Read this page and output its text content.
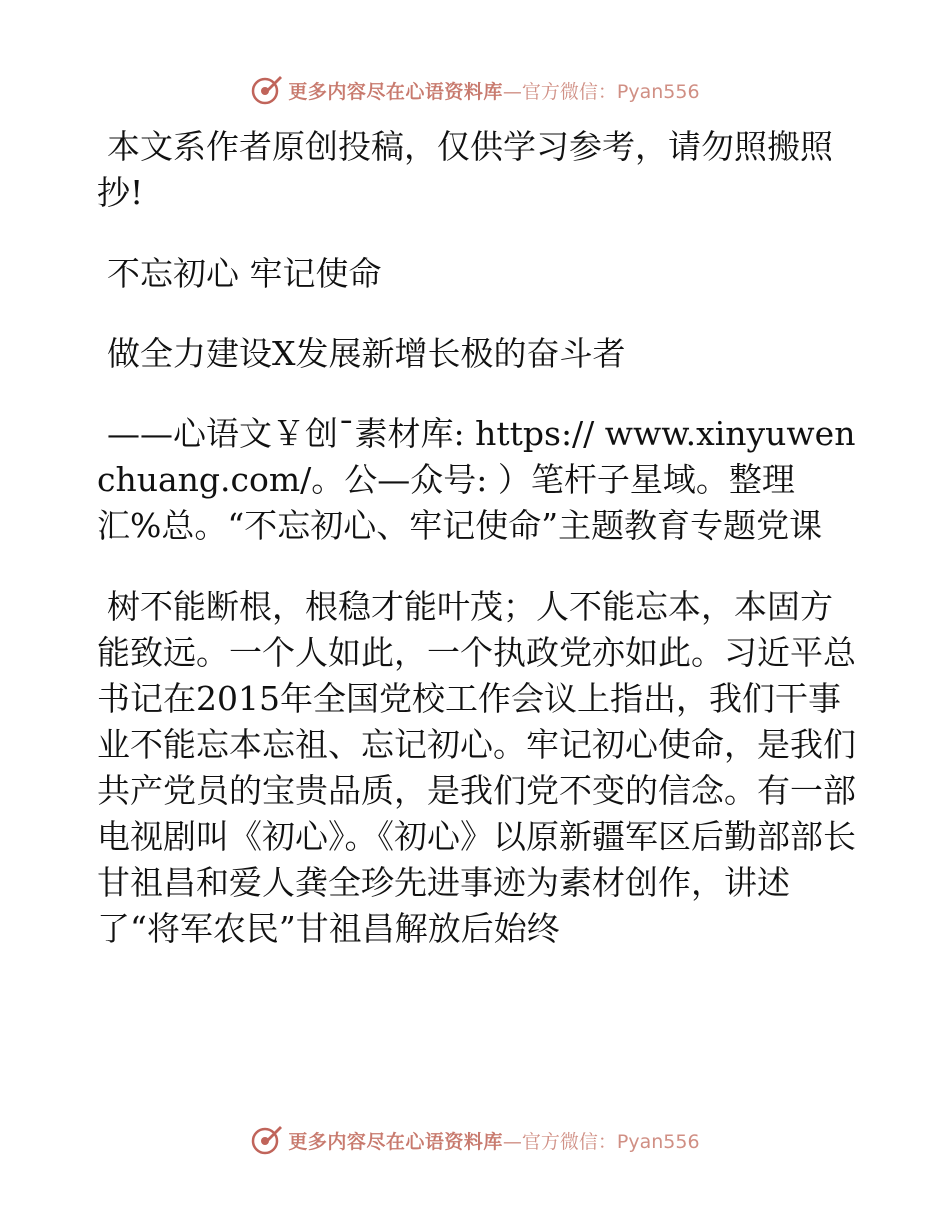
更多内容尽在心语资料库 —官方微信：Pyan556

本文系作者原创投稿，仅供学习参考，请勿照搬照抄!

不忘初心 牢记使命

做全力建设X发展新增长极的奋斗者

——心语文￥创¯素材库: https:// www.xinyuwenchuang.com/。公—众号: ）笔杆子星域。整理汇%总。“不忘初心、牢记使命”主题教育专题党课

树不能断根，根稳才能叶茂；人不能忘本，本固方能致远。一个人如此，一个执政党亦如此。习近平总书记在2015年全国党校工作会议上指出，我们干事业不能忘本忘祖、忘记初心。牢记初心使命，是我们共产党员的宝贵品质，是我们党不变的信念。有一部电视剧叫《初心》。《初心》以原新疆军区后勤部部长甘祖昌和爱人龚全珍先进事迹为素材创作，讲述了“将军农民”甘祖昌解放后始终

更多内容尽在心语资料库 —官方微信：Pyan556
